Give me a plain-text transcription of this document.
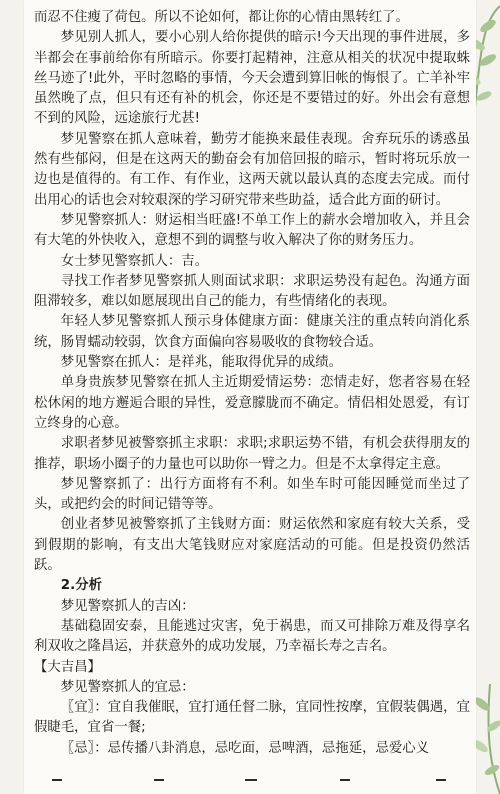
而忍不住瘦了荷包。所以不论如何，都让你的心情由黑转红了。

梦见别人抓人，要小心别人给你提供的暗示!今天出现的事件进展，多半都会在事前给你有所暗示。你要打起精神，注意从相关的状况中提取蛛丝马迹了!此外，平时忽略的事情，今天会遭到算旧帐的悔恨了。亡羊补牢虽然晚了点，但只有还有补的机会，你还是不要错过的好。外出会有意想不到的风险，远途旅行尤甚!

梦见警察在抓人意味着，勤劳才能换来最佳表现。舍弃玩乐的诱惑虽然有些郁闷，但是在这两天的勤奋会有加倍回报的暗示，暂时将玩乐放一边也是值得的。有工作、有作业，这两天就以最认真的态度去完成。而付出用心的话也会对较艰深的学习研究带来些助益，适合此方面的研讨。

梦见警察抓人：财运相当旺盛!不单工作上的薪水会增加收入，并且会有大笔的外快收入，意想不到的调整与收入解决了你的财务压力。

女士梦见警察抓人：吉。

寻找工作者梦见警察抓人则面试求职：求职运势没有起色。沟通方面阻滞较多，难以如愿展现出自己的能力，有些情绪化的表现。

年轻人梦见警察抓人预示身体健康方面：健康关注的重点转向消化系统，肠胃蠕动较弱，饮食方面偏向容易吸收的食物较合适。

梦见警察在抓人：是祥兆，能取得优异的成绩。

单身贵族梦见警察在抓人主近期爱情运势：恋情走好，您者容易在轻松休闲的地方邂逅合眼的异性，爱意朦胧而不确定。情侣相处恩爱，有订立终身的心意。

求职者梦见被警察抓主求职：求职;求职运势不错，有机会获得朋友的推荐，职场小圈子的力量也可以助你一臂之力。但是不太拿得定主意。

梦见警察抓了：出行方面将有不利。如坐车时可能因睡觉而坐过了头，或把约会的时间记错等等。

创业者梦见被警察抓了主钱财方面：财运依然和家庭有较大关系，受到假期的影响，有支出大笔钱财应对家庭活动的可能。但是投资仍然活跃。

2.分析

梦见警察抓人的吉凶：

基础稳固安泰，且能逃过灾害，免于祸患，而又可排除万难及得享名利双收之隆昌运，并获意外的成功发展，乃幸福长寿之吉名。

【大吉昌】

梦见警察抓人的宜忌：

〖宜〗：宜自我催眠，宜打通任督二脉，宜同性按摩，宜假装偶遇，宜假睫毛，宜省一餐;

〖忌〗：忌传播八卦消息，忌吃面，忌啤酒，忌拖延，忌爱心义
